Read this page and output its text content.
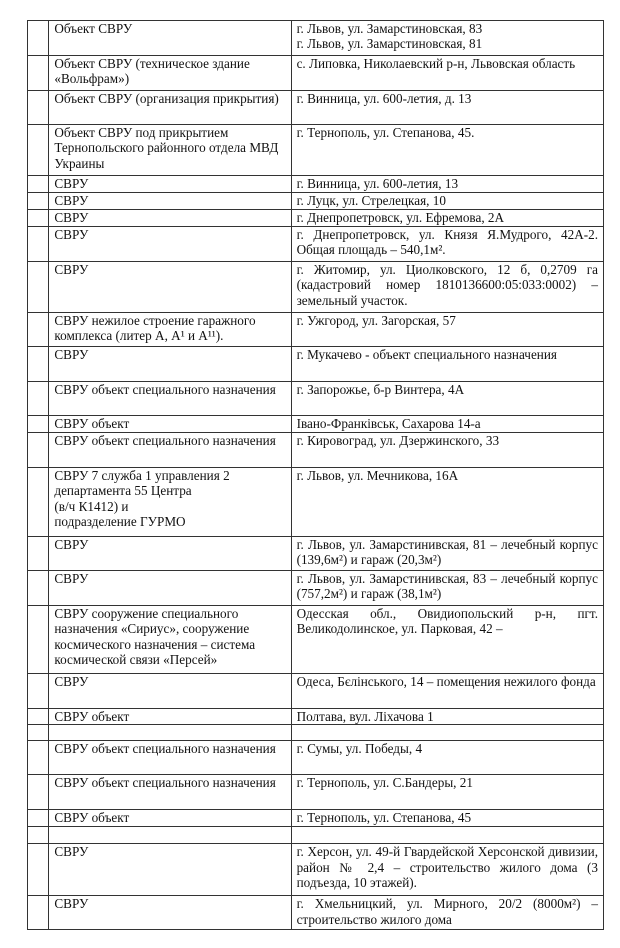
	Объект СВРУ	г. Львов, ул. Замарстиновская, 83
г. Львов, ул. Замарстиновская, 81
	Объект СВРУ (техническое здание «Вольфрам»)	с. Липовка, Николаевский р-н, Львовская область
	Объект СВРУ (организация прикрытия)	г. Винница, ул. 600-летия, д. 13
	Объект СВРУ под прикрытием Тернопольского районного отдела МВД Украины	г. Тернополь, ул. Степанова, 45.
	СВРУ	г. Винница, ул. 600-летия, 13
	СВРУ	г. Луцк, ул. Стрелецкая, 10
	СВРУ	г. Днепропетровск, ул. Ефремова, 2А
	СВРУ	г. Днепропетровск, ул. Князя Я.Мудрого, 42А-2. Общая площадь – 540,1м².
	СВРУ	г. Житомир, ул. Циолковского, 12 б, 0,2709 га (кадастровий номер 1810136600:05:033:0002) – земельный участок.
	СВРУ нежилое строение гаражного комплекса (литер А, А¹ и А¹¹).	г. Ужгород, ул. Загорская, 57
	СВРУ	г. Мукачево - объект специального назначения
	СВРУ объект специального назначения	г. Запорожье, б-р Винтера, 4А
	СВРУ объект	Івано-Франківськ, Сахарова 14-а
	СВРУ объект специального назначения	г. Кировоград, ул. Дзержинского, 33
	СВРУ 7 служба 1 управления 2 департамента 55 Центра
(в/ч К1412) и
подразделение ГУРМО	г. Львов, ул. Мечникова, 16А
	СВРУ	г. Львов, ул. Замарстинивская, 81 – лечебный корпус (139,6м²) и гараж (20,3м²)
	СВРУ	г. Львов, ул. Замарстинивская, 83 – лечебный корпус (757,2м²) и гараж (38,1м²)
	СВРУ сооружение специального назначения «Сириус», сооружение космического назначения – система космической связи «Персей»	Одесская обл., Овидиопольский р-н, пгт. Великодолинское, ул. Парковая, 42 –
	СВРУ	Одеса, Бєлінського, 14 – помещения нежилого фонда
	СВРУ объект	Полтава, вул. Ліхачова 1

	СВРУ объект специального назначения	г. Сумы, ул. Победы, 4
	СВРУ объект специального назначения	г. Тернополь, ул. С.Бандеры, 21
	СВРУ объект	г. Тернополь, ул. Степанова, 45

	СВРУ	г. Херсон, ул. 49-й Гвардейской Херсонской дивизии, район № 2,4 – строительство жилого дома (3 подъезда, 10 этажей).
	СВРУ	г. Хмельницкий, ул. Мирного, 20/2 (8000м²) – строительство жилого дома
